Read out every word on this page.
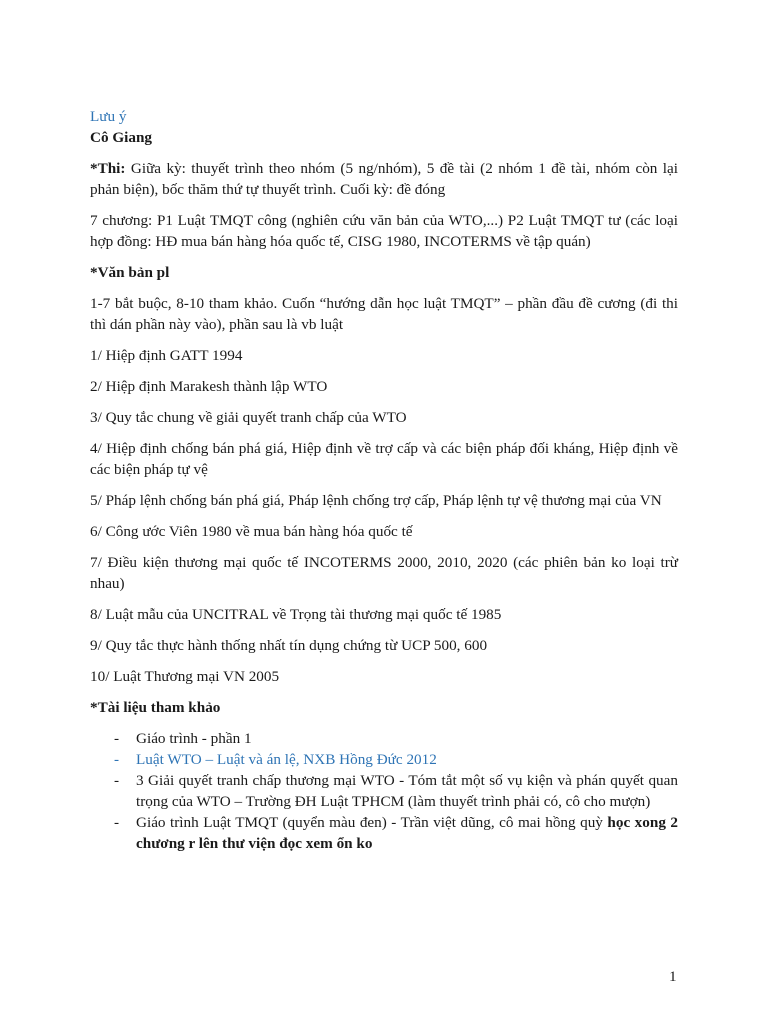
Lưu ý

Cô Giang

*Thi: Giữa kỳ: thuyết trình theo nhóm (5 ng/nhóm), 5 đề tài (2 nhóm 1 đề tài, nhóm còn lại phản biện), bốc thăm thứ tự thuyết trình. Cuối kỳ: đề đóng

7 chương: P1 Luật TMQT công (nghiên cứu văn bản của WTO,...) P2 Luật TMQT tư (các loại hợp đồng: HĐ mua bán hàng hóa quốc tế, CISG 1980, INCOTERMS về tập quán)

*Văn bản pl

1-7 bắt buộc, 8-10 tham khảo. Cuốn “hướng dẫn học luật TMQT” – phần đầu đề cương (đi thi thì dán phần này vào), phần sau là vb luật

1/ Hiệp định GATT 1994

2/ Hiệp định Marakesh thành lập WTO

3/ Quy tắc chung về giải quyết tranh chấp của WTO

4/ Hiệp định chống bán phá giá, Hiệp định về trợ cấp và các biện pháp đối kháng, Hiệp định về các biện pháp tự vệ

5/ Pháp lệnh chống bán phá giá, Pháp lệnh chống trợ cấp, Pháp lệnh tự vệ thương mại của VN

6/ Công ước Viên 1980 về mua bán hàng hóa quốc tế

7/ Điều kiện thương mại quốc tế INCOTERMS 2000, 2010, 2020 (các phiên bản ko loại trừ nhau)

8/ Luật mẫu của UNCITRAL về Trọng tài thương mại quốc tế 1985

9/ Quy tắc thực hành thống nhất tín dụng chứng từ UCP 500, 600

10/ Luật Thương mại VN 2005

*Tài liệu tham khảo

- Giáo trình - phần 1
- Luật WTO – Luật và án lệ, NXB Hồng Đức 2012
- 3 Giải quyết tranh chấp thương mại WTO - Tóm tắt một số vụ kiện và phán quyết quan trọng của WTO – Trường ĐH Luật TPHCM (làm thuyết trình phải có, cô cho mượn)
- Giáo trình Luật TMQT (quyển màu đen) - Trần việt dũng, cô mai hồng quỳ học xong 2 chương r lên thư viện đọc xem ổn ko
1
